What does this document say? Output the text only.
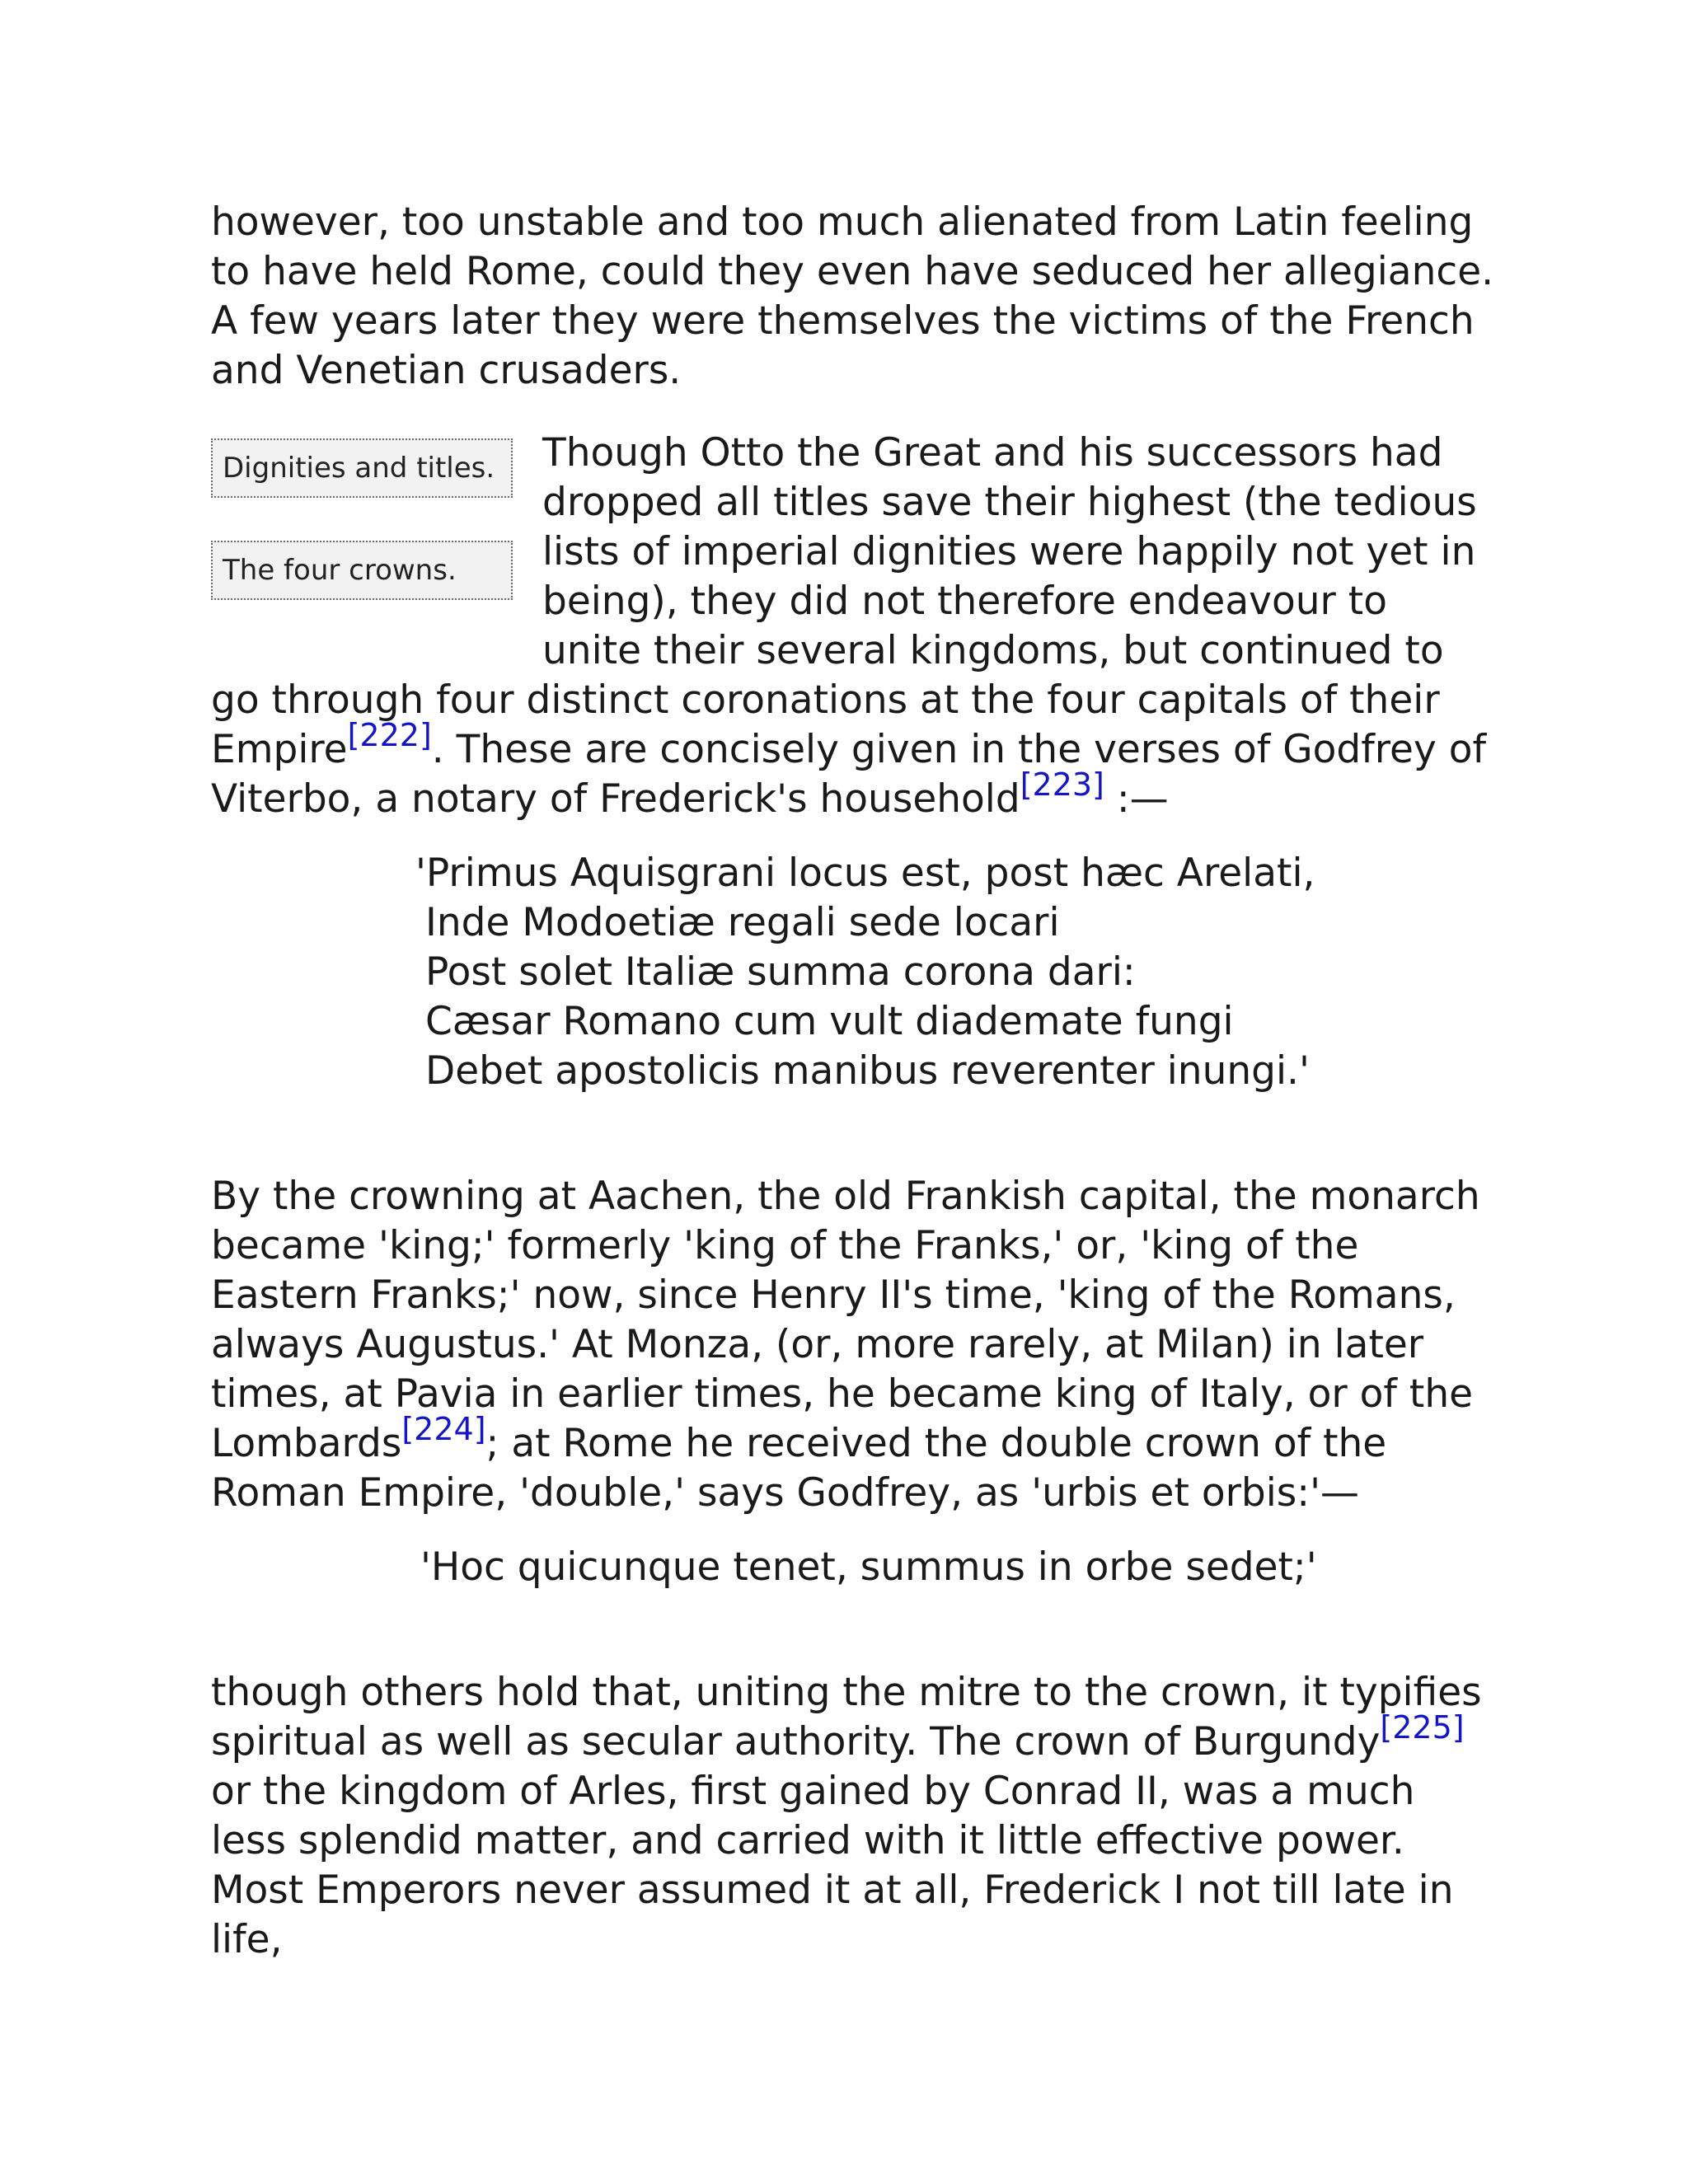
however, too unstable and too much alienated from Latin feeling to have held Rome, could they even have seduced her allegiance. A few years later they were themselves the victims of the French and Venetian crusaders.

Dignities and titles.
The four crowns.

Though Otto the Great and his successors had dropped all titles save their highest (the tedious lists of imperial dignities were happily not yet in being), they did not therefore endeavour to unite their several kingdoms, but continued to go through four distinct coronations at the four capitals of their Empire[222]. These are concisely given in the verses of Godfrey of Viterbo, a notary of Frederick's household[223] :—

'Primus Aquisgrani locus est, post hæc Arelati,
Inde Modoetiæ regali sede locari
Post solet Italiæ summa corona dari:
Cæsar Romano cum vult diademate fungi
Debet apostolicis manibus reverenter inungi.'

By the crowning at Aachen, the old Frankish capital, the monarch became 'king;' formerly 'king of the Franks,' or, 'king of the Eastern Franks;' now, since Henry II's time, 'king of the Romans, always Augustus.' At Monza, (or, more rarely, at Milan) in later times, at Pavia in earlier times, he became king of Italy, or of the Lombards[224]; at Rome he received the double crown of the Roman Empire, 'double,' says Godfrey, as 'urbis et orbis:'—

'Hoc quicunque tenet, summus in orbe sedet;'

though others hold that, uniting the mitre to the crown, it typifies spiritual as well as secular authority. The crown of Burgundy[225] or the kingdom of Arles, first gained by Conrad II, was a much less splendid matter, and carried with it little effective power. Most Emperors never assumed it at all, Frederick I not till late in life,
